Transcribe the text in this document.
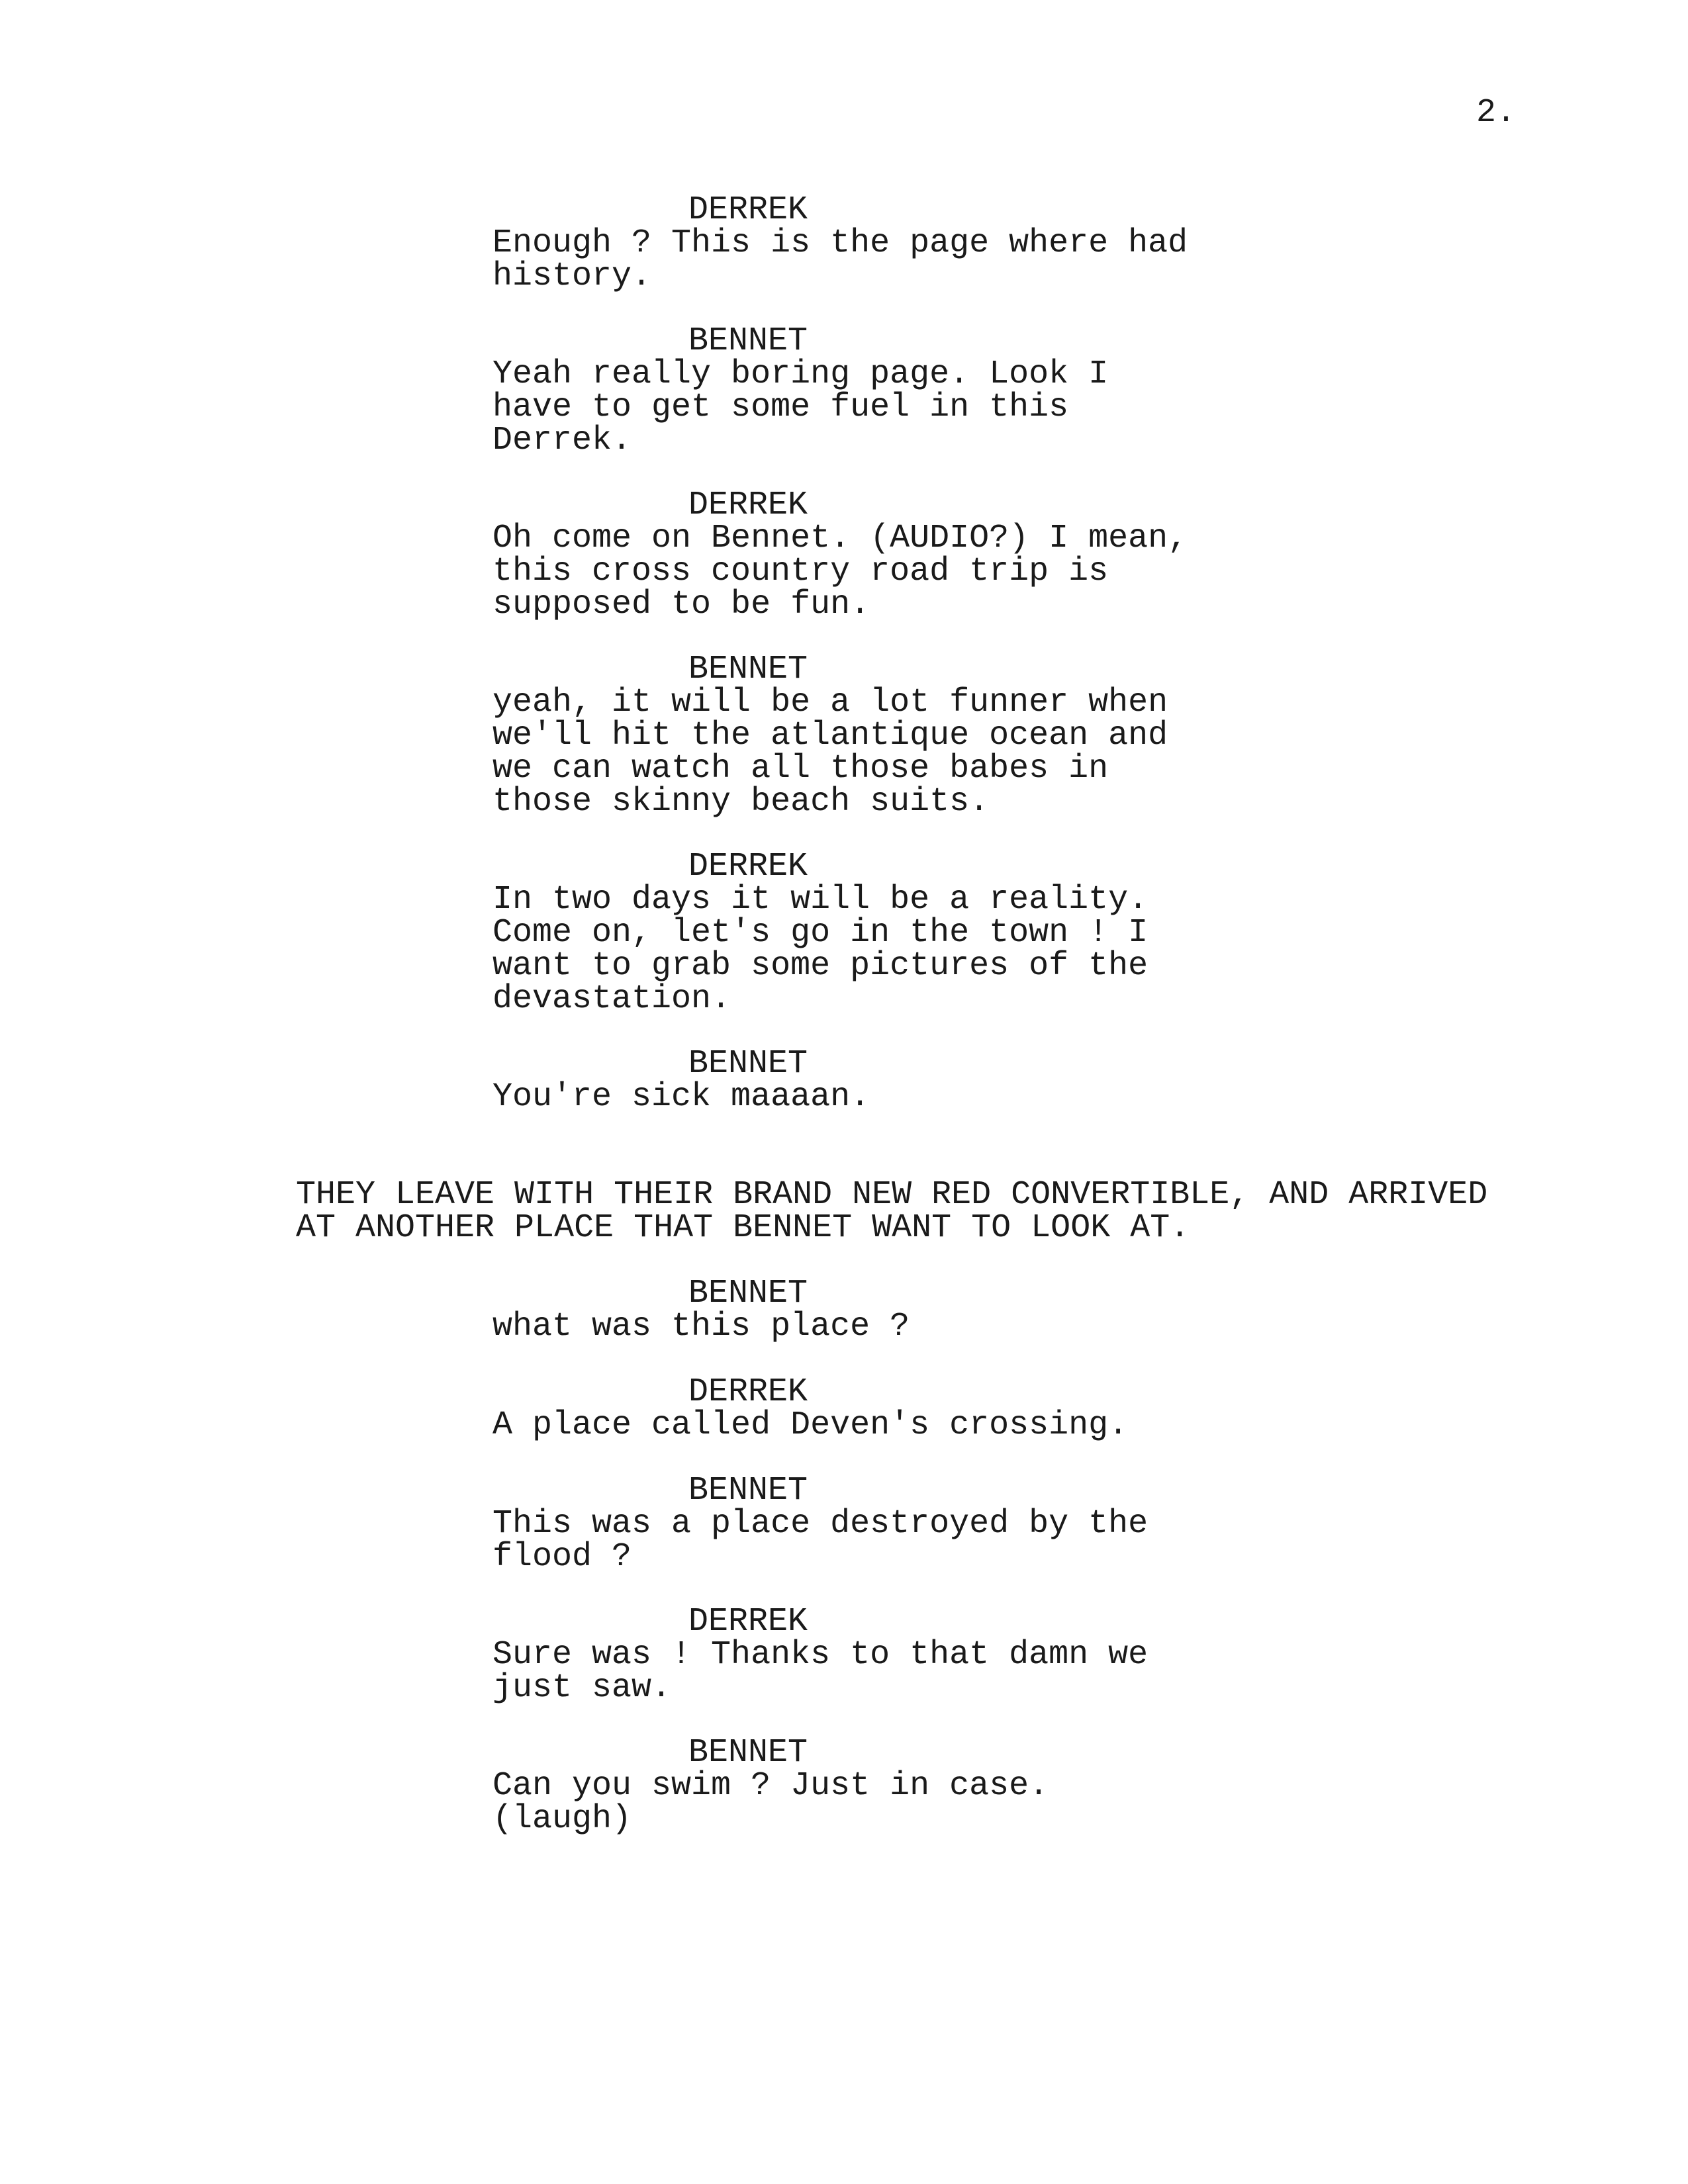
2.
DERREK
Enough ? This is the page where had
history.
BENNET
Yeah really boring page. Look I
have to get some fuel in this
Derrek.
DERREK
Oh come on Bennet. (AUDIO?) I mean,
this cross country road trip is
supposed to be fun.
BENNET
yeah, it will be a lot funner when
we'll hit the atlantique ocean and
we can watch all those babes in
those skinny beach suits.
DERREK
In two days it will be a reality.
Come on, let's go in the town ! I
want to grab some pictures of the
devastation.
BENNET
You're sick maaaan.
THEY LEAVE WITH THEIR BRAND NEW RED CONVERTIBLE, AND ARRIVED
AT ANOTHER PLACE THAT BENNET WANT TO LOOK AT.
BENNET
what was this place ?
DERREK
A place called Deven's crossing.
BENNET
This was a place destroyed by the
flood ?
DERREK
Sure was ! Thanks to that damn we
just saw.
BENNET
Can you swim ? Just in case.
(laugh)
